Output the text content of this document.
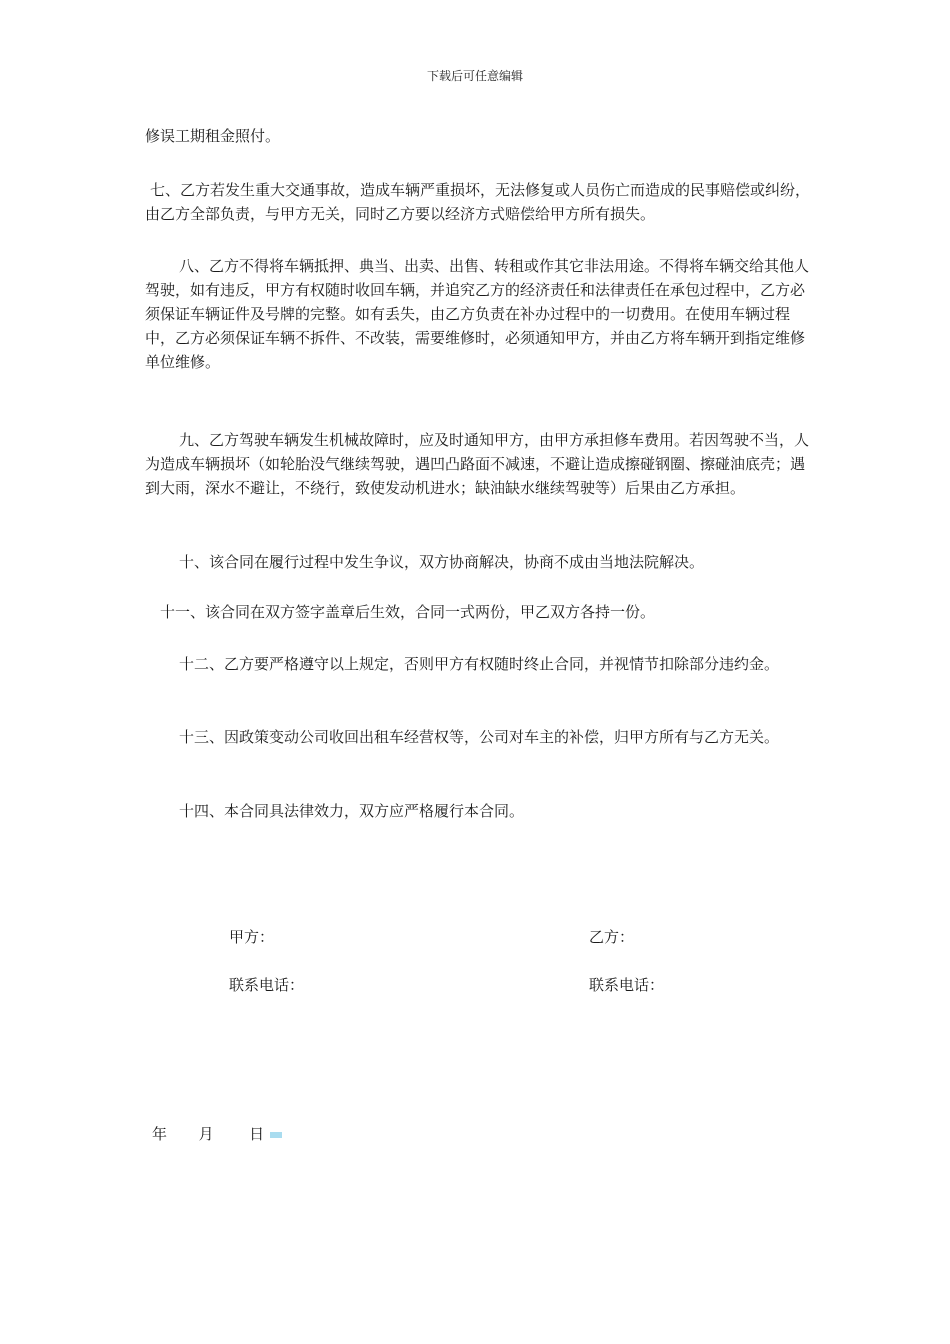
下载后可任意编辑

修误工期租金照付。

七、乙方若发生重大交通事故，造成车辆严重损坏，无法修复或人员伤亡而造成的民事赔偿或纠纷，由乙方全部负责，与甲方无关，同时乙方要以经济方式赔偿给甲方所有损失。

八、乙方不得将车辆抵押、典当、出卖、出售、转租或作其它非法用途。不得将车辆交给其他人驾驶，如有违反，甲方有权随时收回车辆，并追究乙方的经济责任和法律责任在承包过程中，乙方必须保证车辆证件及号牌的完整。如有丢失，由乙方负责在补办过程中的一切费用。在使用车辆过程中，乙方必须保证车辆不拆件、不改装，需要维修时，必须通知甲方，并由乙方将车辆开到指定维修单位维修。

九、乙方驾驶车辆发生机械故障时，应及时通知甲方，由甲方承担修车费用。若因驾驶不当，人为造成车辆损坏（如轮胎没气继续驾驶，遇凹凸路面不减速，不避让造成擦碰钢圈、擦碰油底壳；遇到大雨，深水不避让，不绕行，致使发动机进水；缺油缺水继续驾驶等）后果由乙方承担。

十、该合同在履行过程中发生争议，双方协商解决，协商不成由当地法院解决。

十一、该合同在双方签字盖章后生效，合同一式两份，甲乙双方各持一份。

十二、乙方要严格遵守以上规定，否则甲方有权随时终止合同，并视情节扣除部分违约金。

十三、因政策变动公司收回出租车经营权等，公司对车主的补偿，归甲方所有与乙方无关。

十四、本合同具法律效力，双方应严格履行本合同。

甲方：	乙方：
联系电话：	联系电话：
年 月 日
